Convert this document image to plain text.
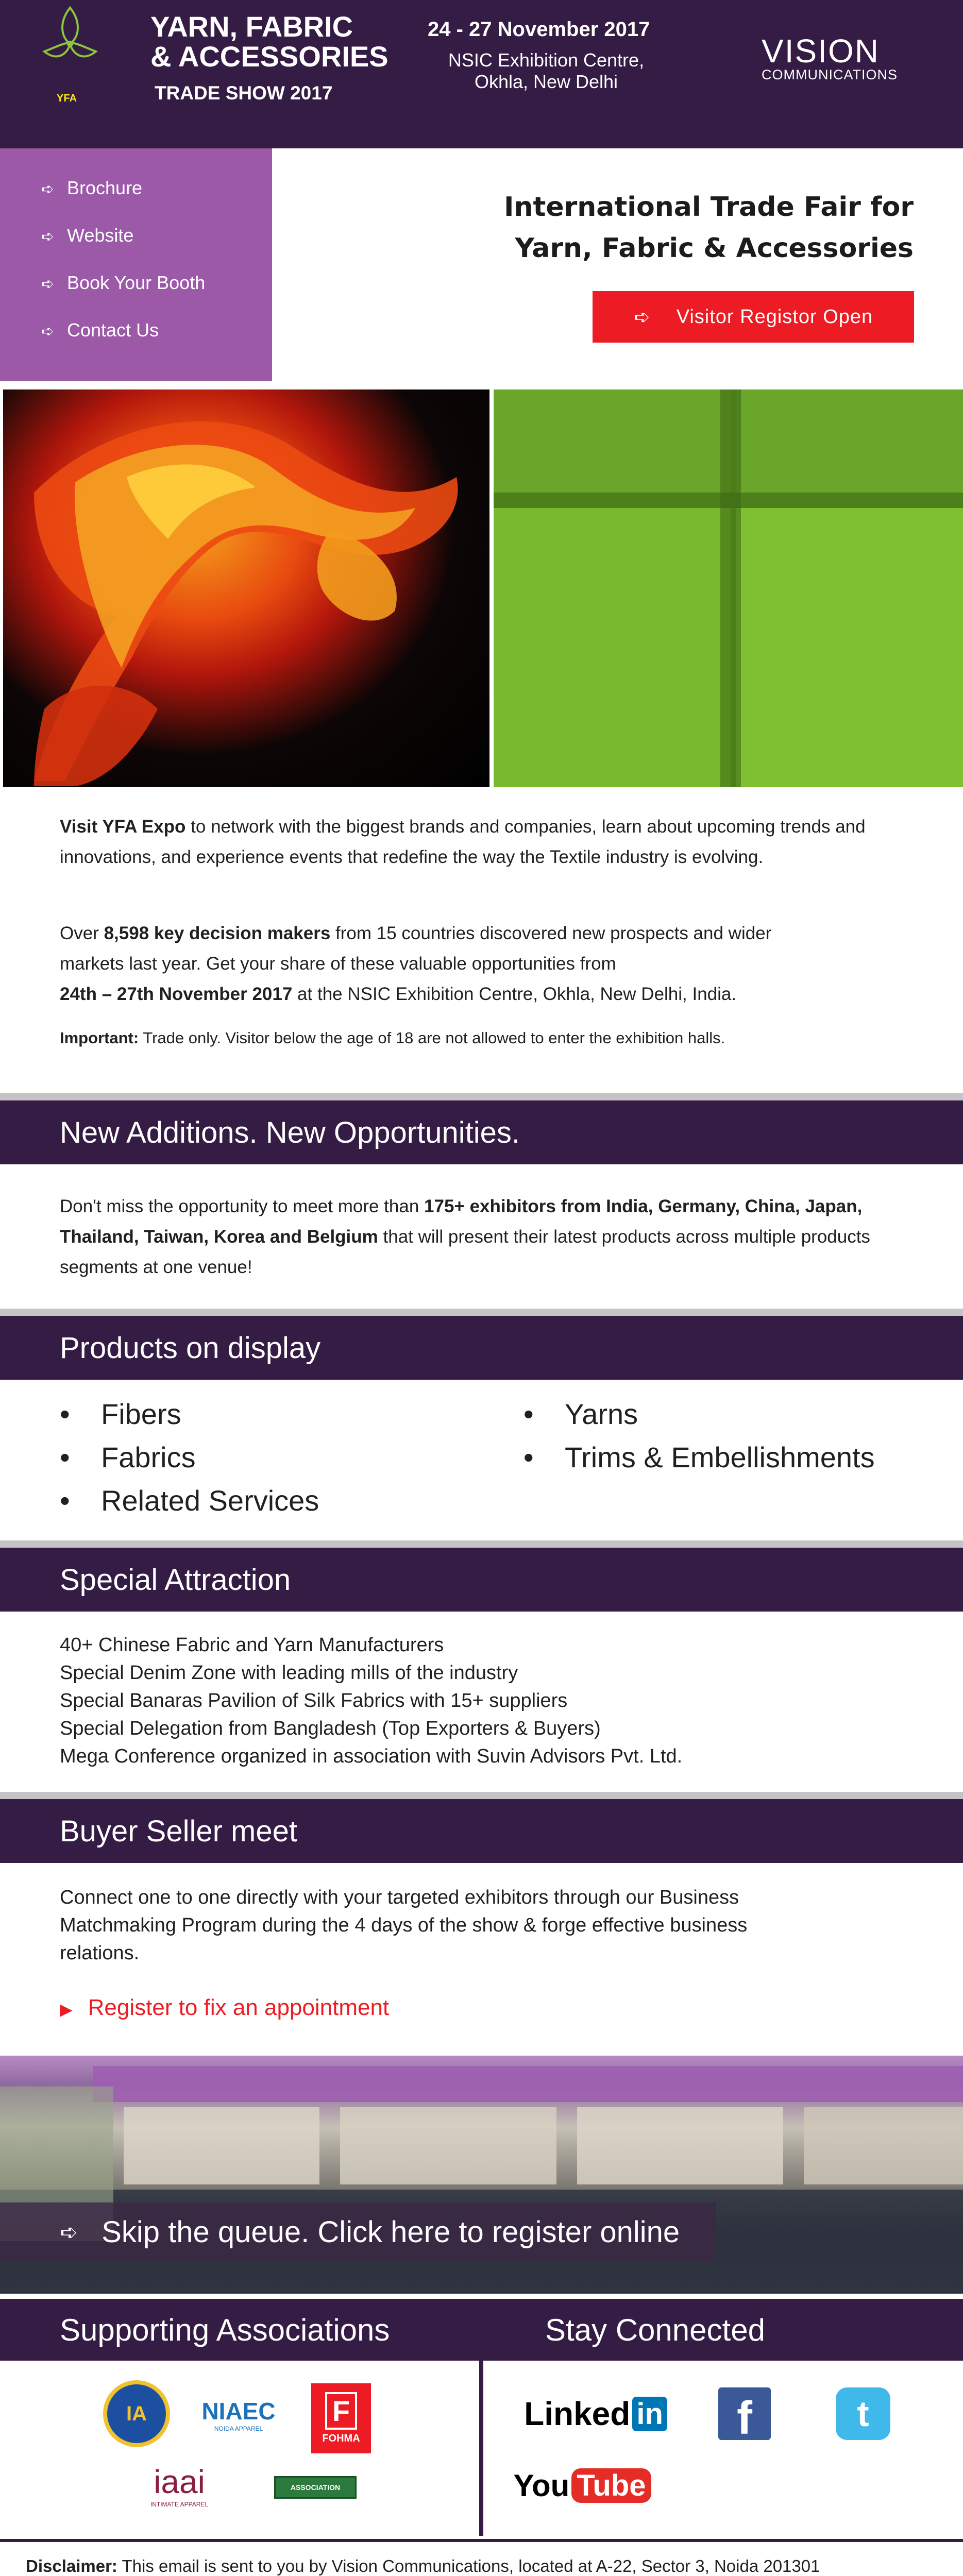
YFA
YARN, FABRIC
& ACCESSORIES
TRADE SHOW 2017
24 - 27 November 2017
NSIC Exhibition Centre,
Okhla, New Delhi
VISION
COMMUNICATIONS
➪ Brochure
➪ Website
➪ Book Your Booth
➪ Contact Us
International Trade Fair for
Yarn, Fabric & Accessories
➪ Visitor Registor Open

Visit YFA Expo to network with the biggest brands and companies, learn about upcoming trends and innovations, and experience events that redefine the way the Textile industry is evolving.

Over 8,598 key decision makers from 15 countries discovered new prospects and wider markets last year. Get your share of these valuable opportunities from
24th – 27th November 2017 at the NSIC Exhibition Centre, Okhla, New Delhi, India.

Important: Trade only. Visitor below the age of 18 are not allowed to enter the exhibition halls.

New Additions. New Opportunities.

Don't miss the opportunity to meet more than 175+ exhibitors from India, Germany, China, Japan, Thailand, Taiwan, Korea and Belgium that will present their latest products across multiple products segments at one venue!

Products on display
• Fibers
• Fabrics
• Related Services
• Yarns
• Trims & Embellishments
Special Attraction
40+ Chinese Fabric and Yarn Manufacturers
Special Denim Zone with leading mills of the industry
Special Banaras Pavilion of Silk Fabrics with 15+ suppliers
Special Delegation from Bangladesh (Top Exporters & Buyers)
Mega Conference organized in association with Suvin Advisors Pvt. Ltd.
Buyer Seller meet
Connect one to one directly with your targeted exhibitors through our Business
Matchmaking Program during the 4 days of the show & forge effective business
relations.
▶ Register to fix an appointment
➪ Skip the queue. Click here to register online
Supporting Associations	Stay Connected
IA NIAEC
NOIDA APPAREL
F
FOHMA
iaai
INTIMATE APPAREL
ASSOCIATION
Linked in f	t
You Tube
Disclaimer: This email is sent to you by Vision Communications, located at A-22, Sector 3, Noida 201301
